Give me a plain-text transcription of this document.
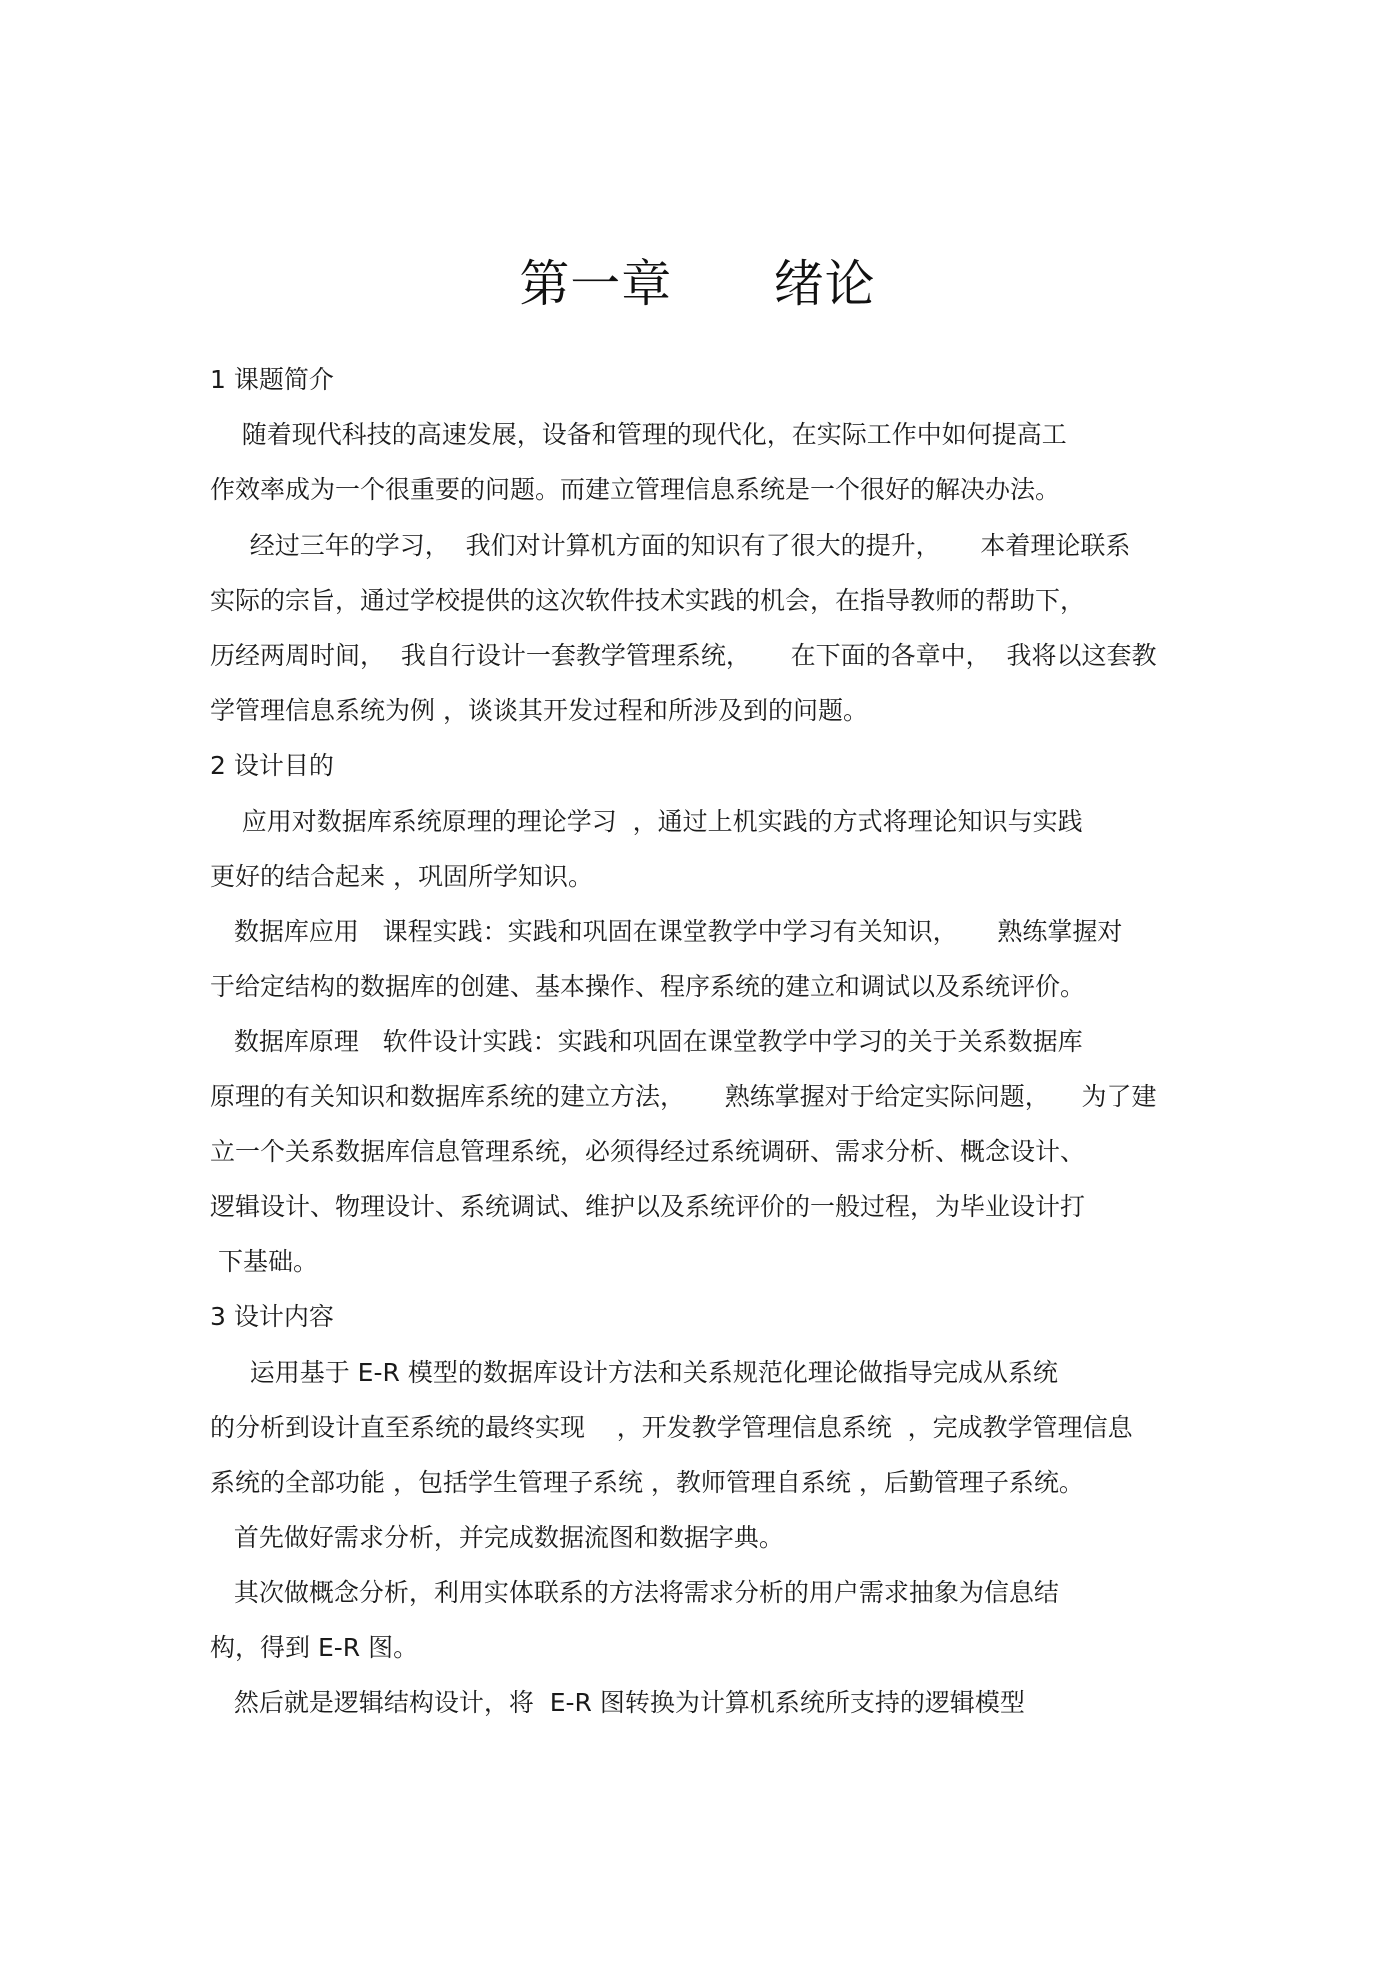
第一章      绪论
1 课题简介
随着现代科技的高速发展，设备和管理的现代化，在实际工作中如何提高工
作效率成为一个很重要的问题。而建立管理信息系统是一个很好的解决办法。
经过三年的学习，  我们对计算机方面的知识有了很大的提升，     本着理论联系
实际的宗旨，通过学校提供的这次软件技术实践的机会，在指导教师的帮助下，
历经两周时间，  我自行设计一套教学管理系统，     在下面的各章中，  我将以这套教
学管理信息系统为例 ，谈谈其开发过程和所涉及到的问题。
2 设计目的
应用对数据库系统原理的理论学习  ，通过上机实践的方式将理论知识与实践
更好的结合起来 ，巩固所学知识。
数据库应用   课程实践：实践和巩固在课堂教学中学习有关知识，     熟练掌握对
于给定结构的数据库的创建、基本操作、程序系统的建立和调试以及系统评价。
数据库原理   软件设计实践：实践和巩固在课堂教学中学习的关于关系数据库
原理的有关知识和数据库系统的建立方法，     熟练掌握对于给定实际问题，    为了建
立一个关系数据库信息管理系统，必须得经过系统调研、需求分析、概念设计、
逻辑设计、物理设计、系统调试、维护以及系统评价的一般过程，为毕业设计打
下基础。
3 设计内容
运用基于 E-R 模型的数据库设计方法和关系规范化理论做指导完成从系统
的分析到设计直至系统的最终实现    ，开发教学管理信息系统  ，完成教学管理信息
系统的全部功能 ，包括学生管理子系统 ，教师管理自系统 ，后勤管理子系统。
首先做好需求分析，并完成数据流图和数据字典。
其次做概念分析，利用实体联系的方法将需求分析的用户需求抽象为信息结
构，得到 E-R 图。
然后就是逻辑结构设计，将  E-R 图转换为计算机系统所支持的逻辑模型
